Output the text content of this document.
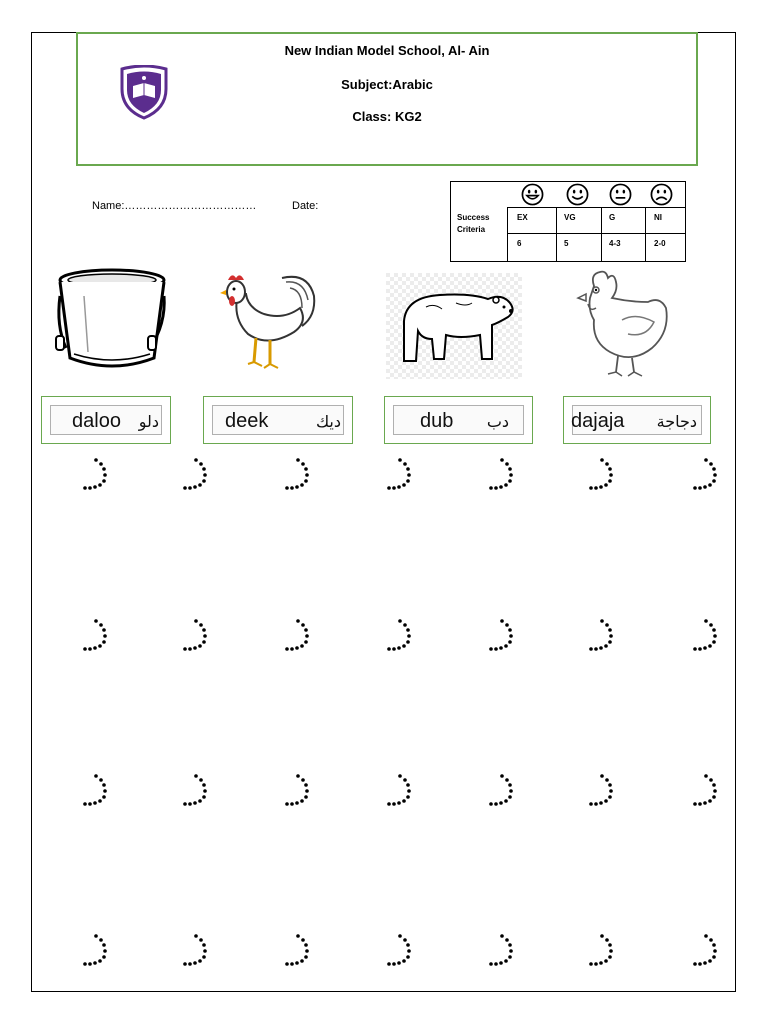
New Indian Model School, Al- Ain
Subject:Arabic
Class: KG2
Name:………………………………	Date:
Success
Criteria
EX	VG	G	NI
6	5	4-3	2-0
daloo دلو	deek	ديك	dub دب	dajaja دجاجة
